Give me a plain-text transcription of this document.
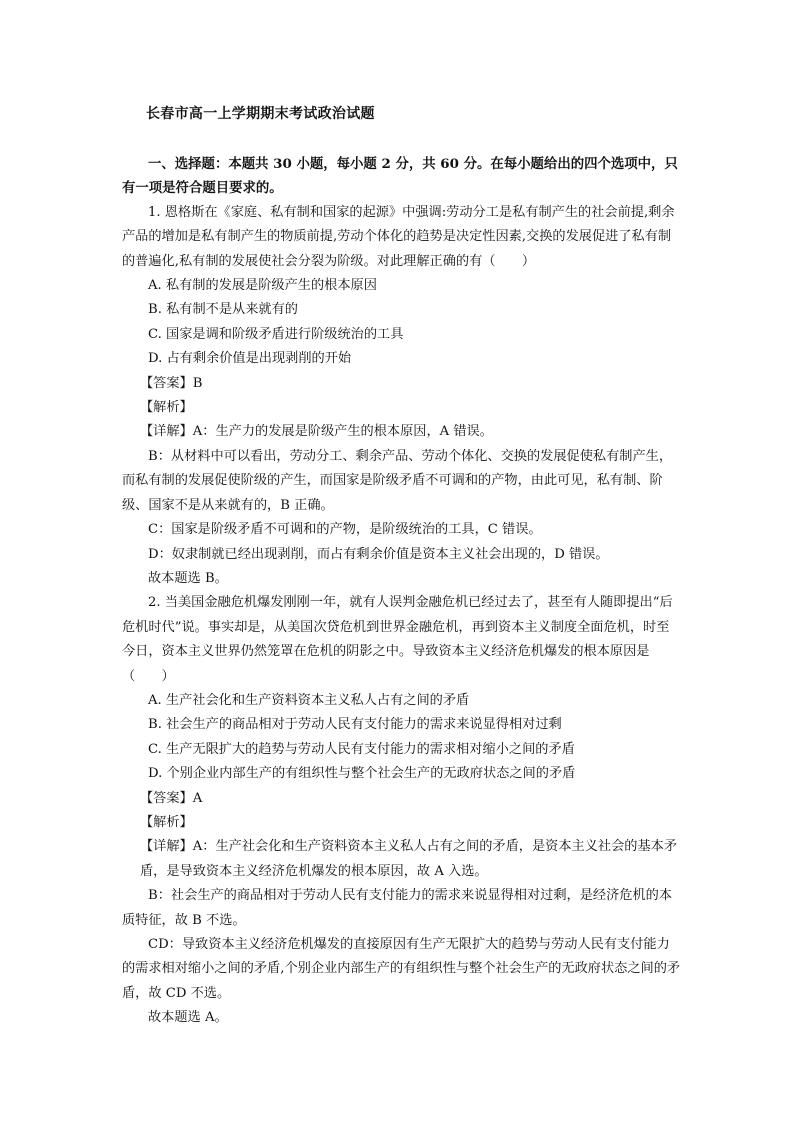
长春市高一上学期期末考试政治试题

一、选择题：本题共 30 小题，每小题 2 分，共 60 分。在每小题给出的四个选项中，只有一项是符合题目要求的。

1. 恩格斯在《家庭、私有制和国家的起源》中强调:劳动分工是私有制产生的社会前提,剩余产品的增加是私有制产生的物质前提,劳动个体化的趋势是决定性因素,交换的发展促进了私有制的普遍化,私有制的发展使社会分裂为阶级。对此理解正确的有（　　）

A. 私有制的发展是阶级产生的根本原因

B. 私有制不是从来就有的

C. 国家是调和阶级矛盾进行阶级统治的工具

D. 占有剩余价值是出现剥削的开始

【答案】B

【解析】

【详解】A：生产力的发展是阶级产生的根本原因，A 错误。

B：从材料中可以看出，劳动分工、剩余产品、劳动个体化、交换的发展促使私有制产生，而私有制的发展促使阶级的产生，而国家是阶级矛盾不可调和的产物，由此可见，私有制、阶级、国家不是从来就有的，B 正确。

C：国家是阶级矛盾不可调和的产物，是阶级统治的工具，C 错误。

D：奴隶制就已经出现剥削，而占有剩余价值是资本主义社会出现的，D 错误。

故本题选 B。

2. 当美国金融危机爆发刚刚一年，就有人误判金融危机已经过去了，甚至有人随即提出“后危机时代”说。事实却是，从美国次贷危机到世界金融危机，再到资本主义制度全面危机，时至今日，资本主义世界仍然笼罩在危机的阴影之中。导致资本主义经济危机爆发的根本原因是（　　）

A. 生产社会化和生产资料资本主义私人占有之间的矛盾

B. 社会生产的商品相对于劳动人民有支付能力的需求来说显得相对过剩

C. 生产无限扩大的趋势与劳动人民有支付能力的需求相对缩小之间的矛盾

D. 个别企业内部生产的有组织性与整个社会生产的无政府状态之间的矛盾

【答案】A

【解析】

【详解】A：生产社会化和生产资料资本主义私人占有之间的矛盾，是资本主义社会的基本矛盾，是导致资本主义经济危机爆发的根本原因，故 A 入选。

B：社会生产的商品相对于劳动人民有支付能力的需求来说显得相对过剩，是经济危机的本质特征，故 B 不选。

CD：导致资本主义经济危机爆发的直接原因有生产无限扩大的趋势与劳动人民有支付能力的需求相对缩小之间的矛盾,个别企业内部生产的有组织性与整个社会生产的无政府状态之间的矛盾，故 CD 不选。

故本题选 A。
